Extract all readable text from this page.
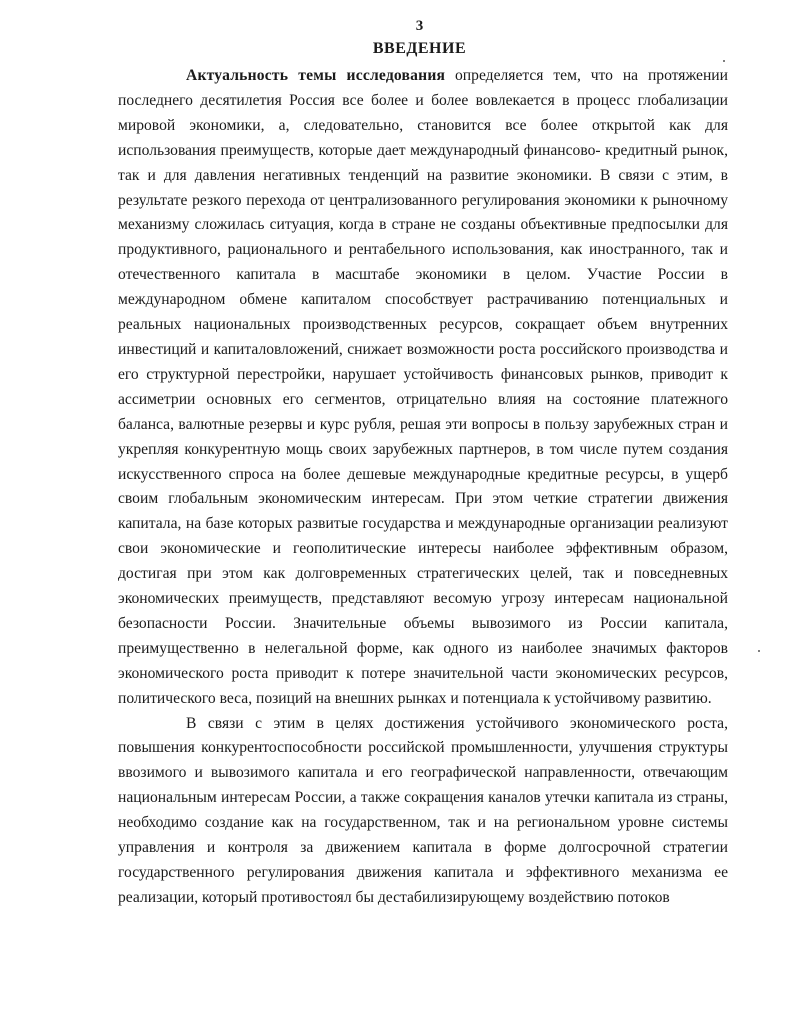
3
ВВЕДЕНИЕ

Актуальность темы исследования определяется тем, что на протяжении последнего десятилетия Россия все более и более вовлекается в процесс глобализации мировой экономики, а, следовательно, становится все более открытой как для использования преимуществ, которые дает международный финансово- кредитный рынок, так и для давления негативных тенденций на развитие экономики. В связи с этим, в результате резкого перехода от централизованного регулирования экономики к рыночному механизму сложилась ситуация, когда в стране не созданы объективные предпосылки для продуктивного, рационального и рентабельного использования, как иностранного, так и отечественного капитала в масштабе экономики в целом. Участие России в международном обмене капиталом способствует растрачиванию потенциальных и реальных национальных производственных ресурсов, сокращает объем внутренних инвестиций и капиталовложений, снижает возможности роста российского производства и его структурной перестройки, нарушает устойчивость финансовых рынков, приводит к ассиметрии основных его сегментов, отрицательно влияя на состояние платежного баланса, валютные резервы и курс рубля, решая эти вопросы в пользу зарубежных стран и укрепляя конкурентную мощь своих зарубежных партнеров, в том числе путем создания искусственного спроса на более дешевые международные кредитные ресурсы, в ущерб своим глобальным экономическим интересам. При этом четкие стратегии движения капитала, на базе которых развитые государства и международные организации реализуют свои экономические и геополитические интересы наиболее эффективным образом, достигая при этом как долговременных стратегических целей, так и повседневных экономических преимуществ, представляют весомую угрозу интересам национальной безопасности России. Значительные объемы вывозимого из России капитала, преимущественно в нелегальной форме, как одного из наиболее значимых факторов экономического роста приводит к потере значительной части экономических ресурсов, политического веса, позиций на внешних рынках и потенциала к устойчивому развитию.

В связи с этим в целях достижения устойчивого экономического роста, повышения конкурентоспособности российской промышленности, улучшения структуры ввозимого и вывозимого капитала и его географической направленности, отвечающим национальным интересам России, а также сокращения каналов утечки капитала из страны, необходимо создание как на государственном, так и на региональном уровне системы управления и контроля за движением капитала в форме долгосрочной стратегии государственного регулирования движения капитала и эффективного механизма ее реализации, который противостоял бы дестабилизирующему воздействию потоков
